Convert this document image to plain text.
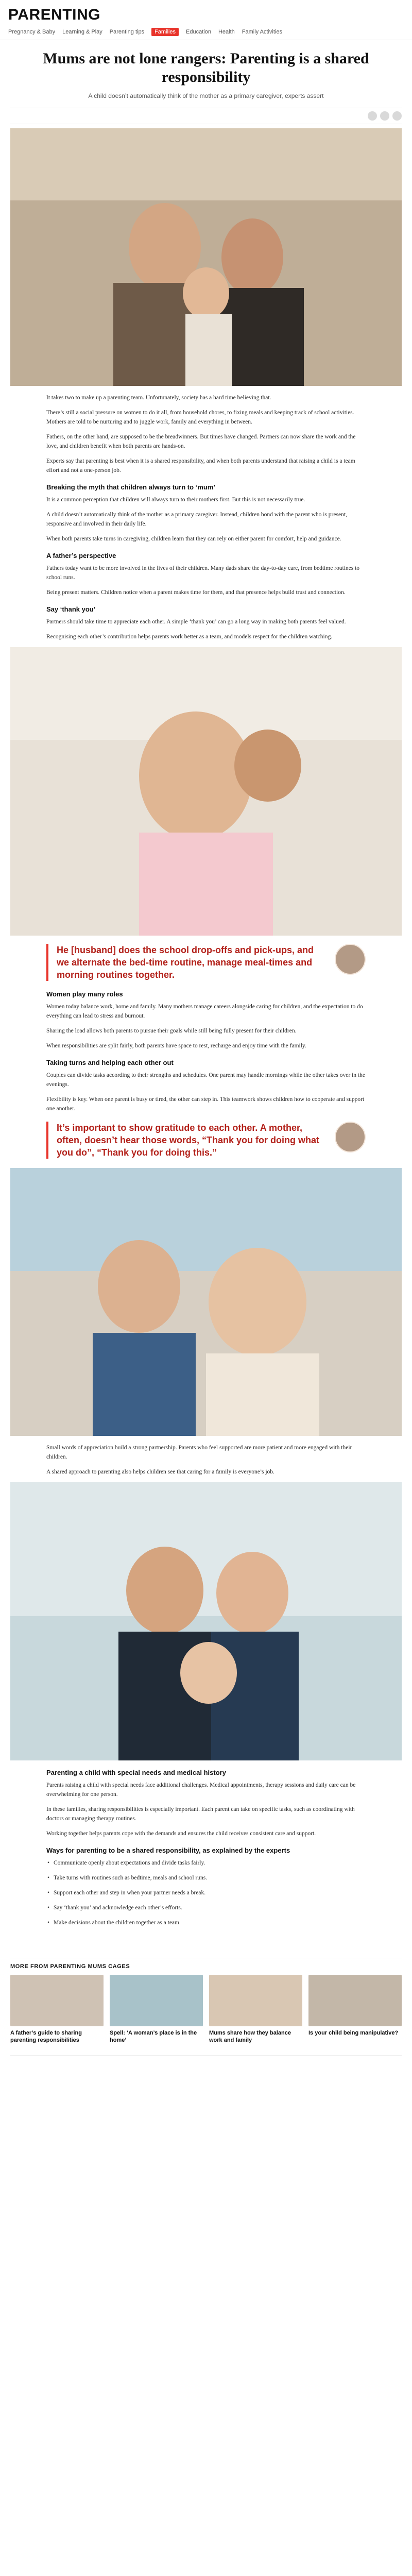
PARENTING
Pregnancy & Baby Learning & Play Parenting tips	Families	Education Health Family Activities
Mums are not lone rangers: Parenting is a shared responsibility

A child doesn’t automatically think of the mother as a primary caregiver, experts assert

It takes two to make up a parenting team. Unfortunately, society has a hard time believing that.

There’s still a social pressure on women to do it all, from household chores, to fixing meals and keeping track of school activities. Mothers are told to be nurturing and to juggle work, family and everything in between.

Fathers, on the other hand, are supposed to be the breadwinners. But times have changed. Partners can now share the work and the love, and children benefit when both parents are hands-on.

Experts say that parenting is best when it is a shared responsibility, and when both parents understand that raising a child is a team effort and not a one-person job.

Breaking the myth that children always turn to ‘mum’

It is a common perception that children will always turn to their mothers first. But this is not necessarily true.

A child doesn’t automatically think of the mother as a primary caregiver. Instead, children bond with the parent who is present, responsive and involved in their daily life.

When both parents take turns in caregiving, children learn that they can rely on either parent for comfort, help and guidance.

A father’s perspective

Fathers today want to be more involved in the lives of their children. Many dads share the day-to-day care, from bedtime routines to school runs.

Being present matters. Children notice when a parent makes time for them, and that presence helps build trust and connection.

Say ‘thank you’

Partners should take time to appreciate each other. A simple ‘thank you’ can go a long way in making both parents feel valued.

Recognising each other’s contribution helps parents work better as a team, and models respect for the children watching.

He [husband] does the school drop-offs and pick-ups, and we alternate the bed-time routine, manage meal-times and morning routines together.
Women play many roles

Women today balance work, home and family. Many mothers manage careers alongside caring for children, and the expectation to do everything can lead to stress and burnout.

Sharing the load allows both parents to pursue their goals while still being fully present for their children.

When responsibilities are split fairly, both parents have space to rest, recharge and enjoy time with the family.

Taking turns and helping each other out

Couples can divide tasks according to their strengths and schedules. One parent may handle mornings while the other takes over in the evenings.

Flexibility is key. When one parent is busy or tired, the other can step in. This teamwork shows children how to cooperate and support one another.

It’s important to show gratitude to each other. A mother, often, doesn’t hear those words, “Thank you for doing what you do”, “Thank you for doing this.”

Small words of appreciation build a strong partnership. Parents who feel supported are more patient and more engaged with their children.

A shared approach to parenting also helps children see that caring for a family is everyone’s job.

Parenting a child with special needs and medical history

Parents raising a child with special needs face additional challenges. Medical appointments, therapy sessions and daily care can be overwhelming for one person.

In these families, sharing responsibilities is especially important. Each parent can take on specific tasks, such as coordinating with doctors or managing therapy routines.

Working together helps parents cope with the demands and ensures the child receives consistent care and support.

Ways for parenting to be a shared responsibility, as explained by the experts

• Communicate openly about expectations and divide tasks fairly.

• Take turns with routines such as bedtime, meals and school runs.

• Support each other and step in when your partner needs a break.

• Say ‘thank you’ and acknowledge each other’s efforts.

• Make decisions about the children together as a team.

MORE FROM PARENTING MUMS CAGES
A father’s guide to sharing parenting responsibilities
Spell: ‘A woman’s place is in the home’
Mums share how they balance work and family
Is your child being manipulative?
